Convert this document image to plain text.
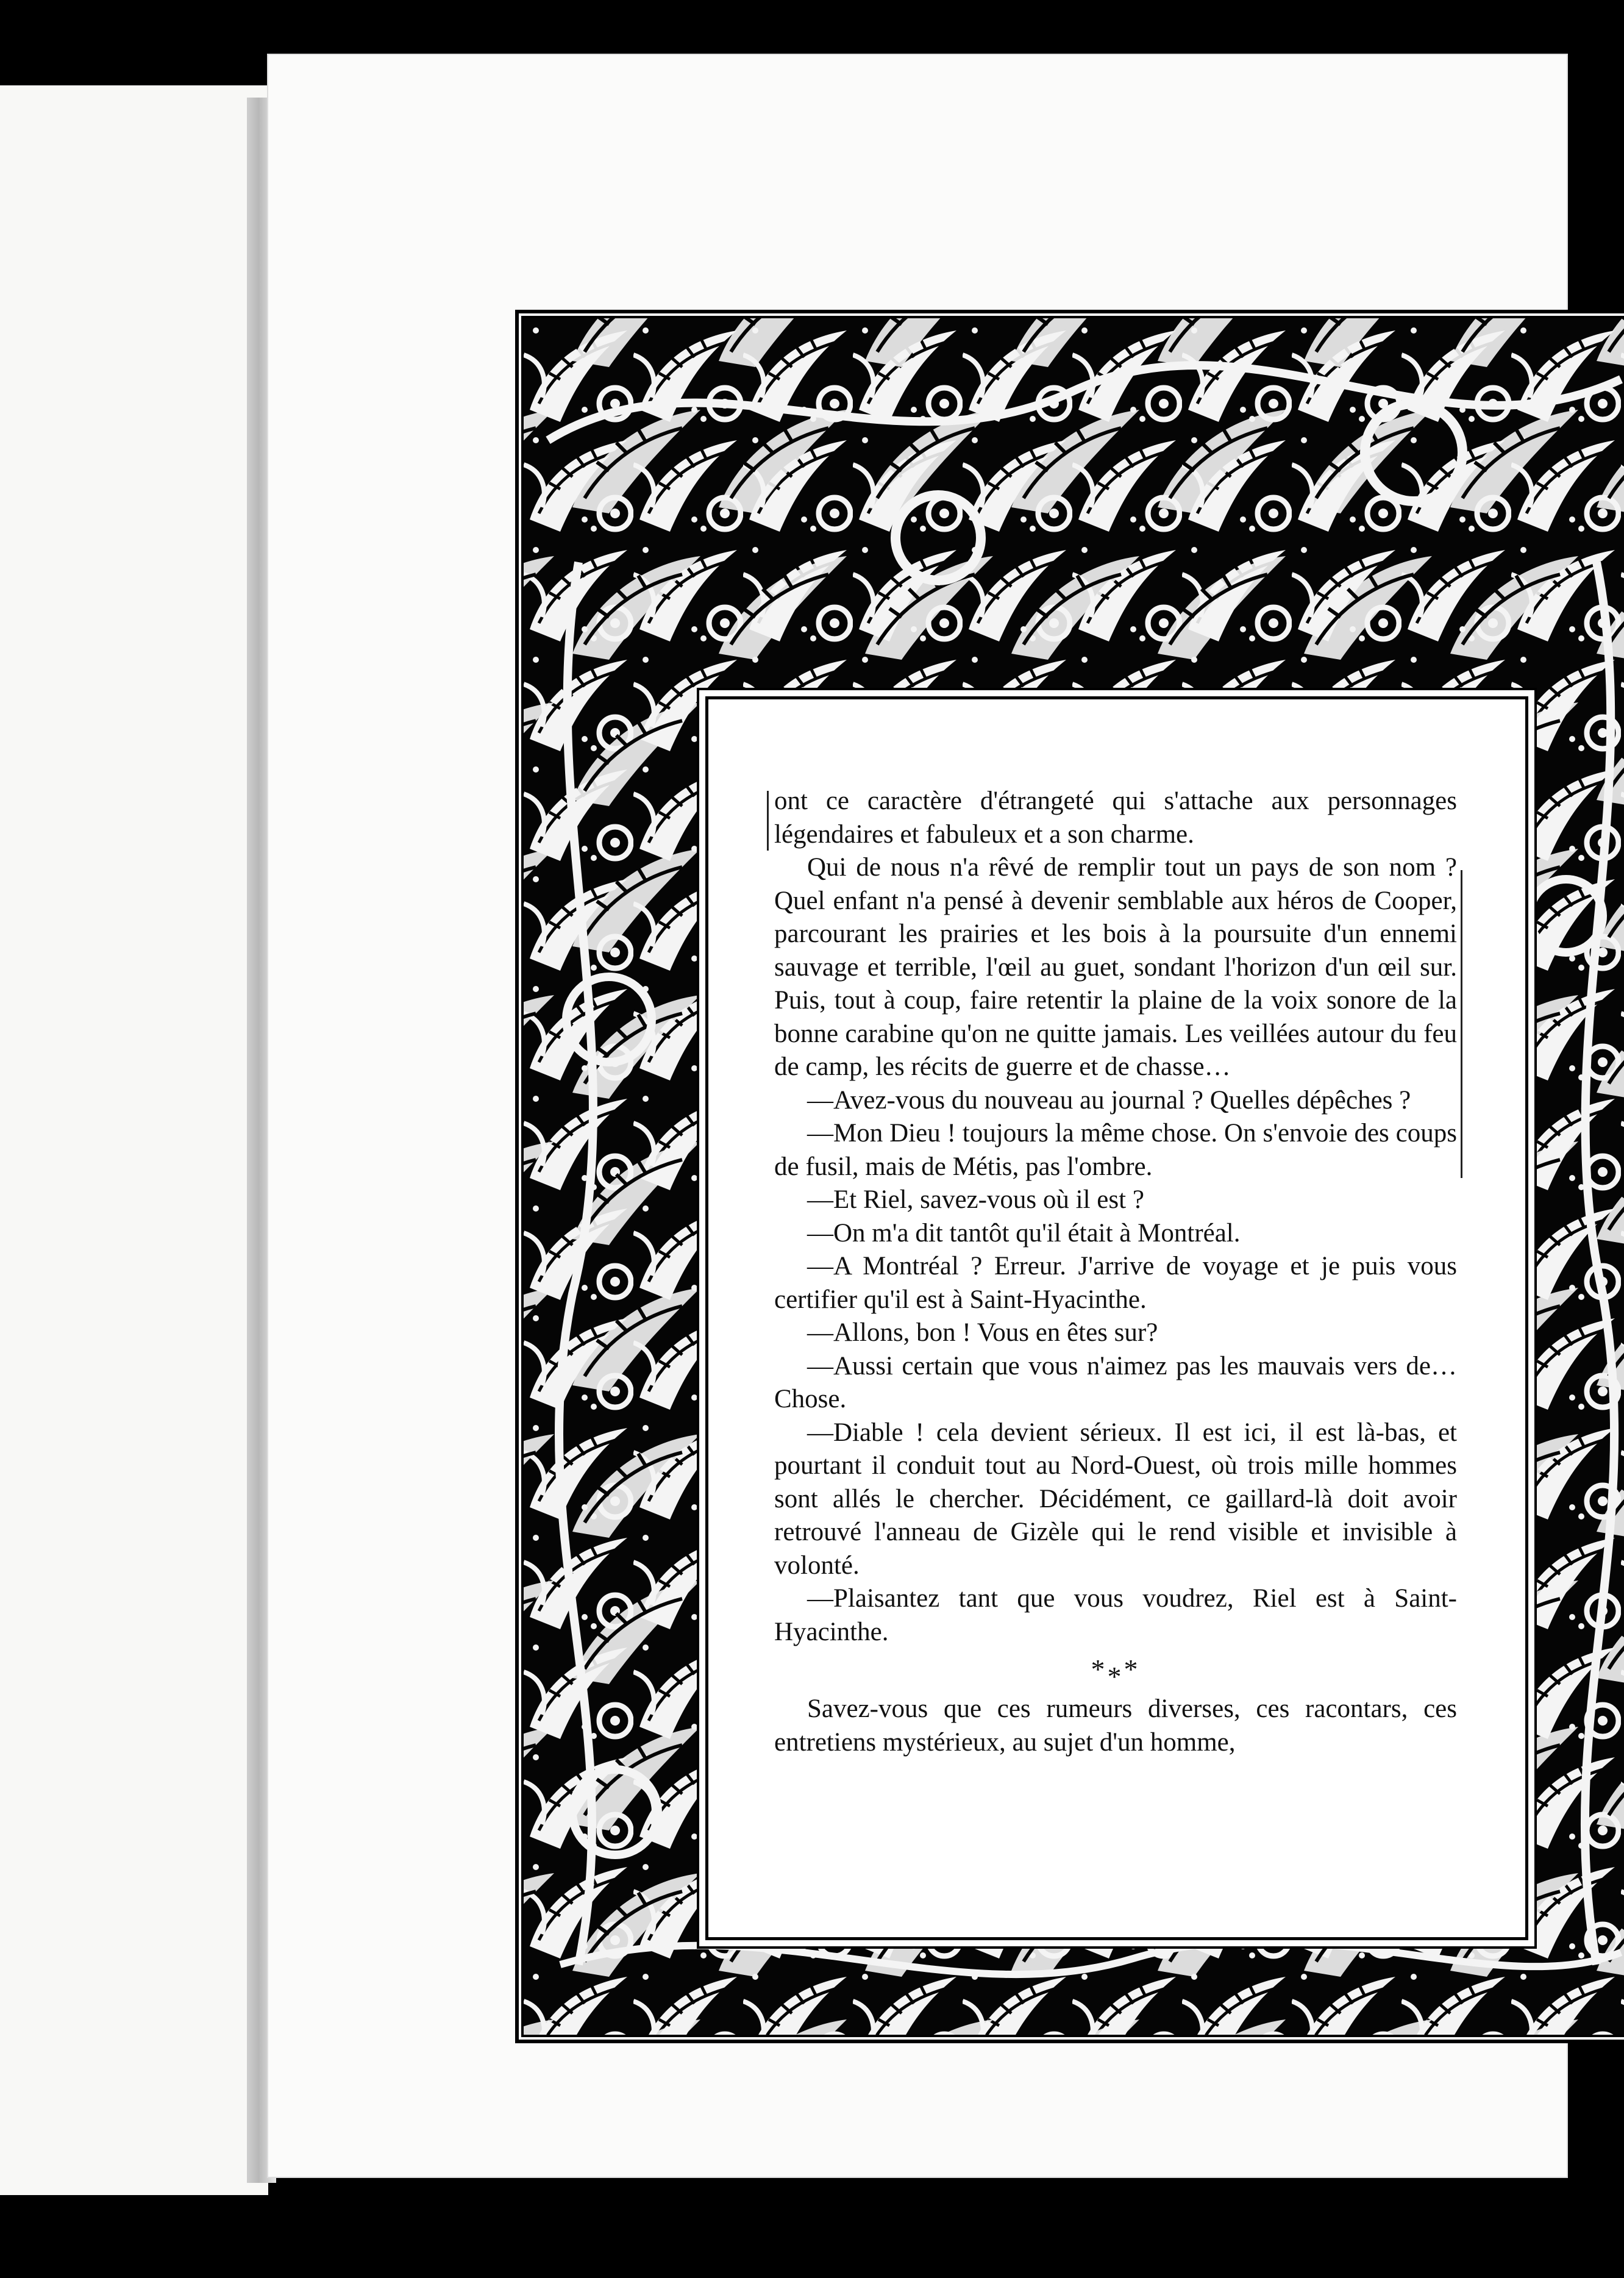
ont ce caractère d'étrangeté qui s'attache aux personnages légendaires et fabuleux et a son charme.

Qui de nous n'a rêvé de remplir tout un pays de son nom ? Quel enfant n'a pensé à devenir semblable aux héros de Cooper, parcourant les prairies et les bois à la poursuite d'un ennemi sauvage et terrible, l'œil au guet, sondant l'horizon d'un œil sur. Puis, tout à coup, faire retentir la plaine de la voix sonore de la bonne carabine qu'on ne quitte jamais. Les veillées autour du feu de camp, les récits de guerre et de chasse…

—Avez-vous du nouveau au journal ? Quelles dépêches ?

—Mon Dieu ! toujours la même chose. On s'envoie des coups de fusil, mais de Métis, pas l'ombre.

—Et Riel, savez-vous où il est ?

—On m'a dit tantôt qu'il était à Montréal.

—A Montréal ? Erreur. J'arrive de voyage et je puis vous certifier qu'il est à Saint-Hyacinthe.

—Allons, bon ! Vous en êtes sur?

—Aussi certain que vous n'aimez pas les mauvais vers de… Chose.

—Diable ! cela devient sérieux. Il est ici, il est là-bas, et pourtant il conduit tout au Nord-Ouest, où trois mille hommes sont allés le chercher. Décidément, ce gaillard-là doit avoir retrouvé l'anneau de Gizèle qui le rend visible et invisible à volonté.

—Plaisantez tant que vous voudrez, Riel est à Saint-Hyacinthe.

***

Savez-vous que ces rumeurs diverses, ces racontars, ces entretiens mystérieux, au sujet d'un homme,
